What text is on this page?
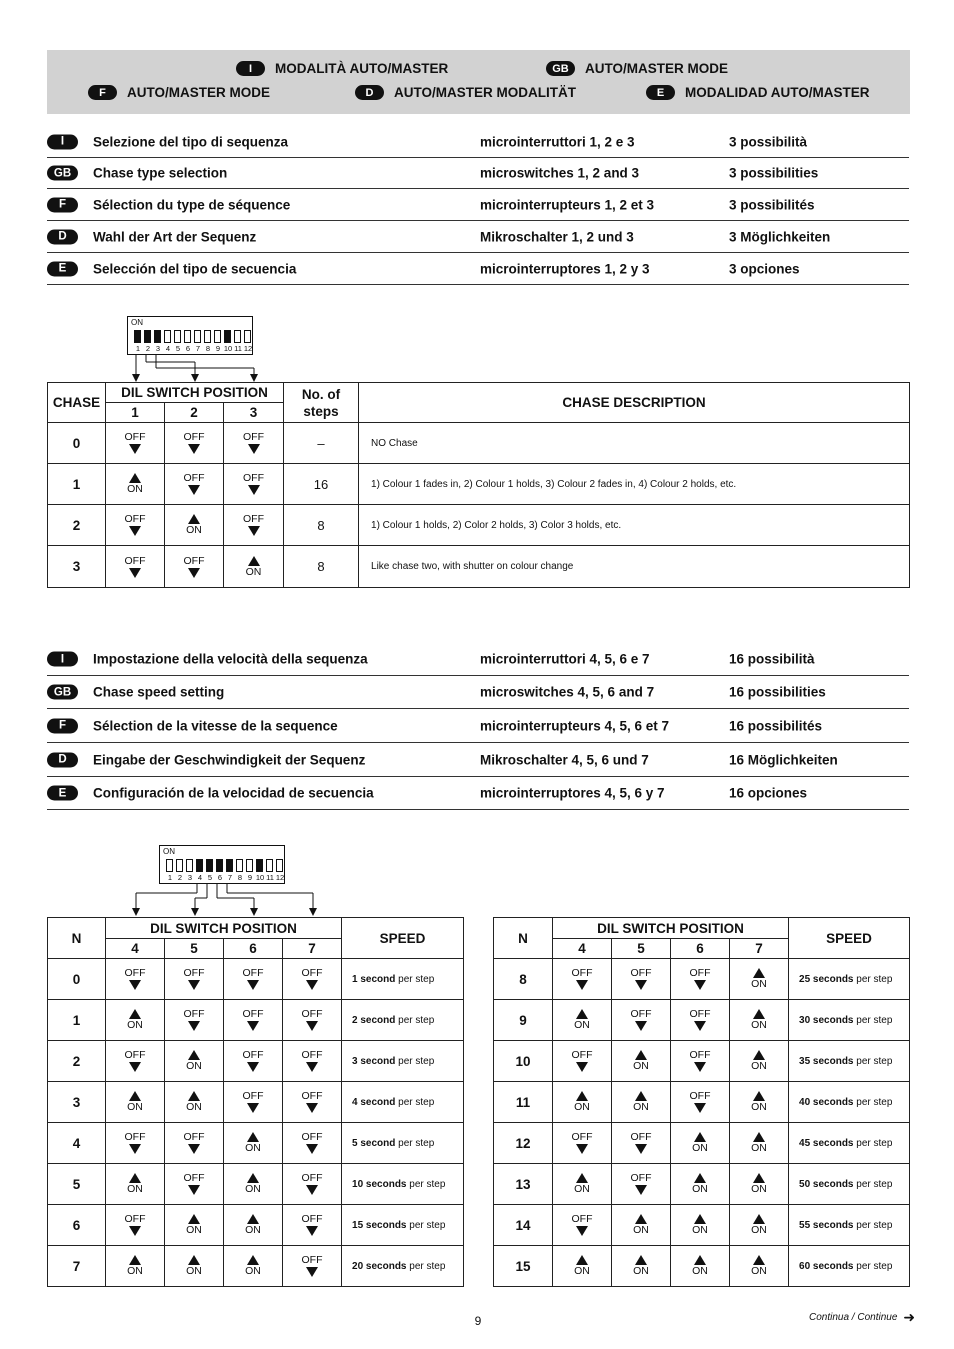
I	MODALITÀ AUTO/MASTER	GB	AUTO/MASTER MODE
F	AUTO/MASTER MODE	D	AUTO/MASTER MODALITÄT	E	MODALIDAD AUTO/MASTER
I	Selezione del tipo di sequenza	microinterruttori 1, 2 e 3	3 possibilità
GB	Chase type selection	microswitches 1, 2 and 3	3 possibilities
F	Sélection du type de séquence	microinterrupteurs 1, 2 et 3	3 possibilités
D	Wahl der Art der Sequenz	Mikroschalter 1, 2 und 3	3 Möglichkeiten
E	Selección del tipo de secuencia	microinterruptores 1, 2 y 3	3 opciones
ON
1 2 3 4 5 6 7 8 9 10 11 12
CHASE	DIL SWITCH POSITION			No. of steps	CHASE DESCRIPTION
	1	2	3		
0	OFF	OFF	OFF	–	NO Chase
1	ON	OFF	OFF	16	1) Colour 1 fades in, 2) Colour 1 holds, 3) Colour 2 fades in, 4) Colour 2 holds, etc.
2	OFF	ON	OFF	8	1) Colour 1 holds, 2) Color 2 holds, 3) Color 3 holds, etc.
3	OFF	OFF	ON	8	Like chase two, with shutter on colour change
I	Impostazione della velocità della sequenza	microinterruttori 4, 5, 6 e 7	16 possibilità
GB	Chase speed setting	microswitches 4, 5, 6 and 7	16 possibilities
F	Sélection de la vitesse de la sequence	microinterrupteurs 4, 5, 6 et 7	16 possibilités
D	Eingabe der Geschwindigkeit der Sequenz	Mikroschalter 4, 5, 6 und 7	16 Möglichkeiten
E	Configuración de la velocidad de secuencia	microinterruptores 4, 5, 6 y 7	16 opciones
ON
1 2 3 4 5 6 7 8 9 10 11 12
N	DIL SWITCH POSITION				SPEED
	4	5	6	7	
0	OFF	OFF	OFF	OFF	1 second per step
1	ON	OFF	OFF	OFF	2 second per step
2	OFF	ON	OFF	OFF	3 second per step
3	ON	ON	OFF	OFF	4 second per step
4	OFF	OFF	ON	OFF	5 second per step
5	ON	OFF	ON	OFF	10 seconds per step
6	OFF	ON	ON	OFF	15 seconds per step
7	ON	ON	ON	OFF	20 seconds per step
N	DIL SWITCH POSITION				SPEED
	4	5	6	7	
8	OFF	OFF	OFF	ON	25 seconds per step
9	ON	OFF	OFF	ON	30 seconds per step
10	OFF	ON	OFF	ON	35 seconds per step
11	ON	ON	OFF	ON	40 seconds per step
12	OFF	OFF	ON	ON	45 seconds per step
13	ON	OFF	ON	ON	50 seconds per step
14	OFF	ON	ON	ON	55 seconds per step
15	ON	ON	ON	ON	60 seconds per step
9	Continua / Continue ➜
